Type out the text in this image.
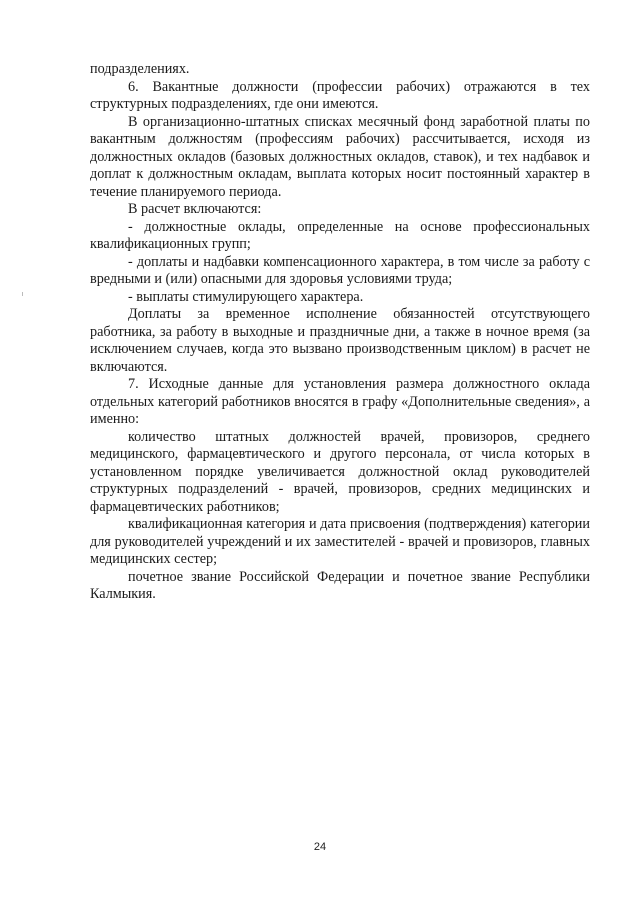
подразделениях.

6. Вакантные должности (профессии рабочих) отражаются в тех структурных подразделениях, где они имеются.

В организационно-штатных списках месячный фонд заработной платы по вакантным должностям (профессиям рабочих) рассчитывается, исходя из должностных окладов (базовых должностных окладов, ставок), и тех надбавок и доплат к должностным окладам, выплата которых носит постоянный характер в течение планируемого периода.

В расчет включаются:

- должностные оклады, определенные на основе профессиональных квалификационных групп;

- доплаты и надбавки компенсационного характера, в том числе за работу с вредными и (или) опасными для здоровья условиями труда;

- выплаты стимулирующего характера.

Доплаты за временное исполнение обязанностей отсутствующего работника, за работу в выходные и праздничные дни, а также в ночное время (за исключением случаев, когда это вызвано производственным циклом) в расчет не включаются.

7. Исходные данные для установления размера должностного оклада отдельных категорий работников вносятся в графу «Дополнительные сведения», а именно:

количество штатных должностей врачей, провизоров, среднего медицинского, фармацевтического и другого персонала, от числа которых в установленном порядке увеличивается должностной оклад руководителей структурных подразделений - врачей, провизоров, средних медицинских и фармацевтических работников;

квалификационная категория и дата присвоения (подтверждения) категории для руководителей учреждений и их заместителей - врачей и провизоров, главных медицинских сестер;

почетное звание Российской Федерации и почетное звание Республики Калмыкия.

24
